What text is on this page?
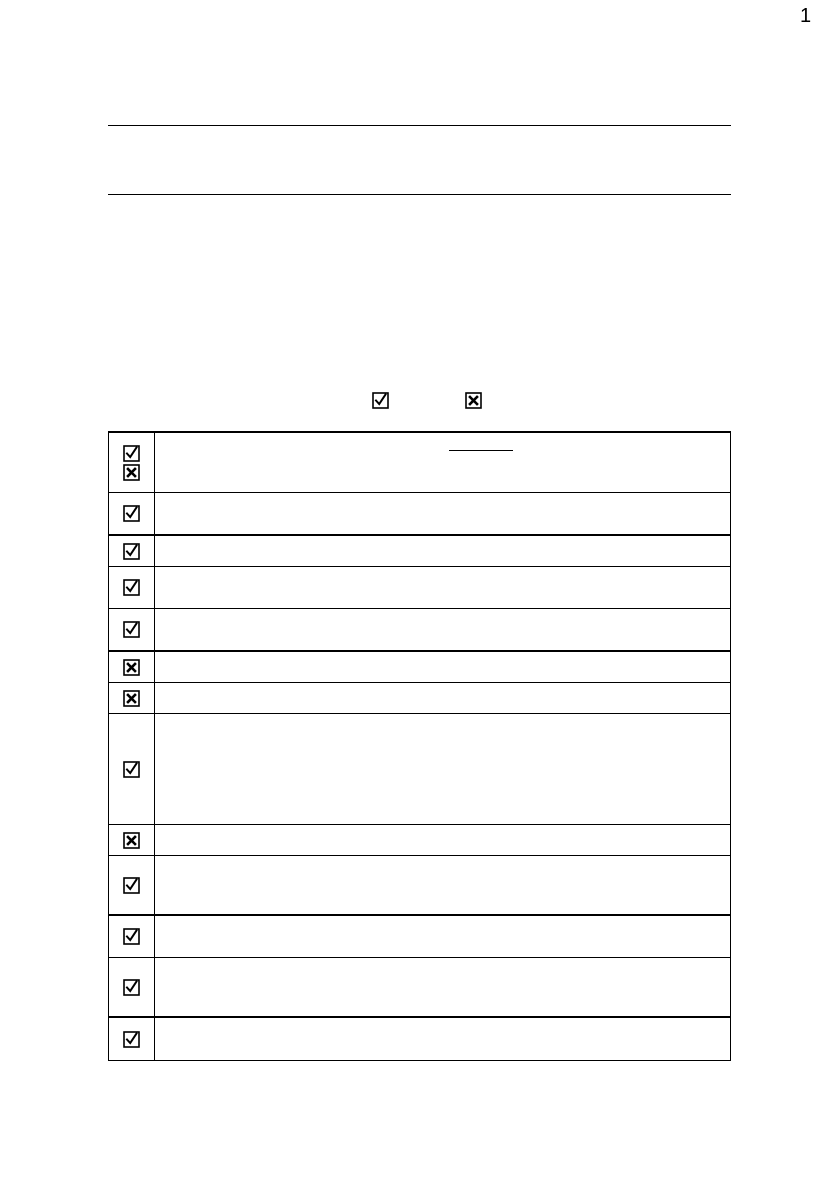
1
